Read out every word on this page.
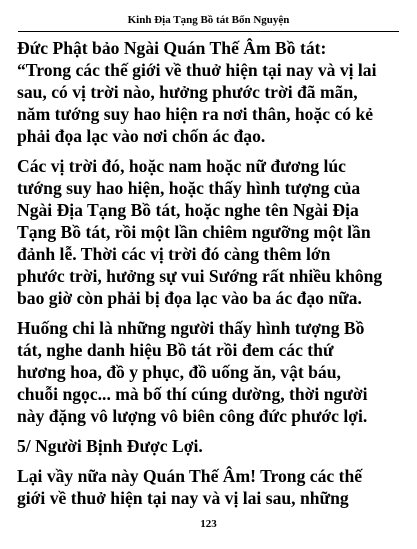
Kinh Địa Tạng Bồ tát Bổn Nguyện

Đức Phật bảo Ngài Quán Thế Âm Bồ tát:
“Trong các thế giới về thuở hiện tại nay và vị lai
sau, có vị trời nào, hưởng phước trời đã mãn,
năm tướng suy hao hiện ra nơi thân, hoặc có kẻ
phải đọa lạc vào nơi chốn ác đạo.

Các vị trời đó, hoặc nam hoặc nữ đương lúc
tướng suy hao hiện, hoặc thấy hình tượng của
Ngài Địa Tạng Bồ tát, hoặc nghe tên Ngài Địa
Tạng Bồ tát, rồi một lần chiêm ngưỡng một lần
đảnh lễ. Thời các vị trời đó càng thêm lớn
phước trời, hưởng sự vui Sướng rất nhiều không
bao giờ còn phải bị đọa lạc vào ba ác đạo nữa.

Huống chi là những người thấy hình tượng Bồ
tát, nghe danh hiệu Bồ tát rồi đem các thứ
hương hoa, đồ y phục, đồ uống ăn, vật báu,
chuỗi ngọc... mà bố thí cúng dường, thời người
này đặng vô lượng vô biên công đức phước lợi.

5/ Người Bịnh Được Lợi.

Lại vầy nữa này Quán Thế Âm! Trong các thế
giới về thuở hiện tại nay và vị lai sau, những

123
